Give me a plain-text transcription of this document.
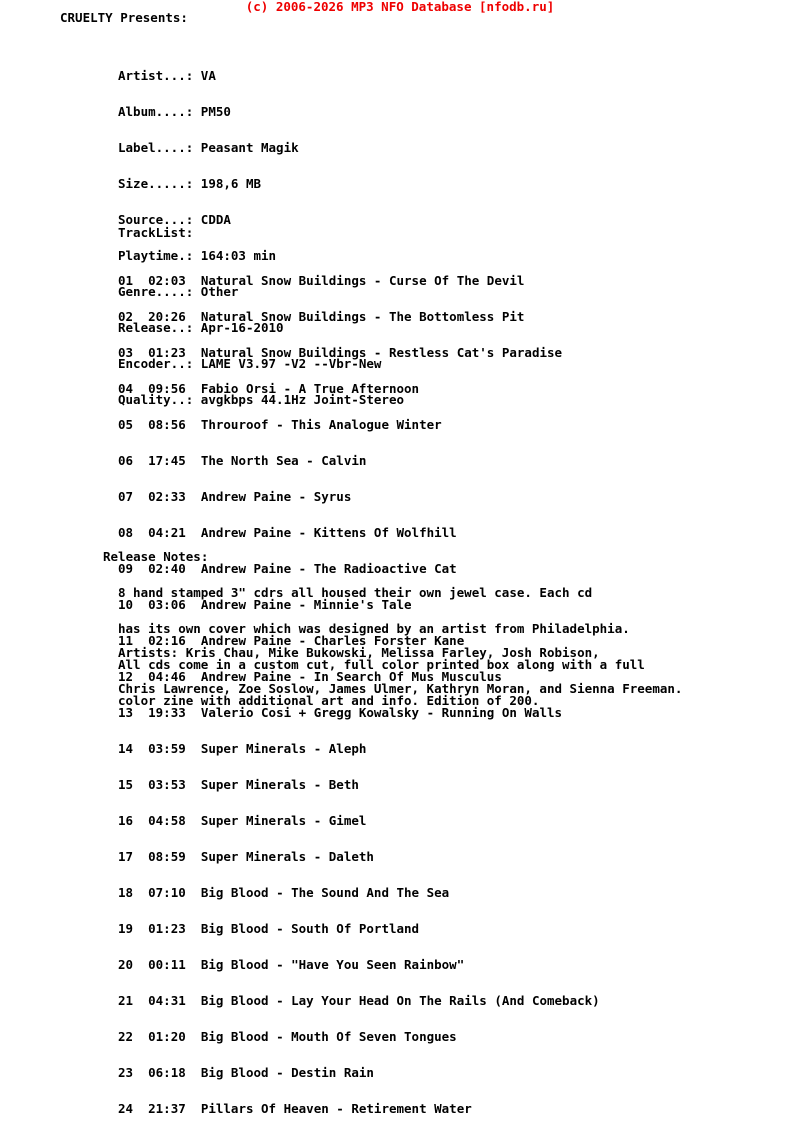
(c) 2006-2026 MP3 NFO Database [nfodb.ru]

CRUELTY Presents:

Artist...: VA

Album....: PM50

Label....: Peasant Magik

Size.....: 198,6 MB

Source...: CDDA

Playtime.: 164:03 min

Genre....: Other

Release..: Apr-16-2010

Encoder..: LAME V3.97 -V2 --Vbr-New

Quality..: avgkbps 44.1Hz Joint-Stereo

TrackList:

01 02:03 Natural Snow Buildings - Curse Of The Devil

02 20:26 Natural Snow Buildings - The Bottomless Pit

03 01:23 Natural Snow Buildings - Restless Cat's Paradise

04 09:56 Fabio Orsi - A True Afternoon

05 08:56 Throuroof - This Analogue Winter

06 17:45 The North Sea - Calvin

07 02:33 Andrew Paine - Syrus

08 04:21 Andrew Paine - Kittens Of Wolfhill

09 02:40 Andrew Paine - The Radioactive Cat

10 03:06 Andrew Paine - Minnie's Tale

11 02:16 Andrew Paine - Charles Forster Kane

12 04:46 Andrew Paine - In Search Of Mus Musculus

13 19:33 Valerio Cosi + Gregg Kowalsky - Running On Walls

14 03:59 Super Minerals - Aleph

15 03:53 Super Minerals - Beth

16 04:58 Super Minerals - Gimel

17 08:59 Super Minerals - Daleth

18 07:10 Big Blood - The Sound And The Sea

19 01:23 Big Blood - South Of Portland

20 00:11 Big Blood - "Have You Seen Rainbow"

21 04:31 Big Blood - Lay Your Head On The Rails (And Comeback)

22 01:20 Big Blood - Mouth Of Seven Tongues

23 06:18 Big Blood - Destin Rain

24 21:37 Pillars Of Heaven - Retirement Water

Release Notes:

8 hand stamped 3" cdrs all housed their own jewel case. Each cd

has its own cover which was designed by an artist from Philadelphia.

All cds come in a custom cut, full color printed box along with a full

color zine with additional art and info. Edition of 200.

Artists: Kris Chau, Mike Bukowski, Melissa Farley, Josh Robison,

Chris Lawrence, Zoe Soslow, James Ulmer, Kathryn Moran, and Sienna Freeman.
